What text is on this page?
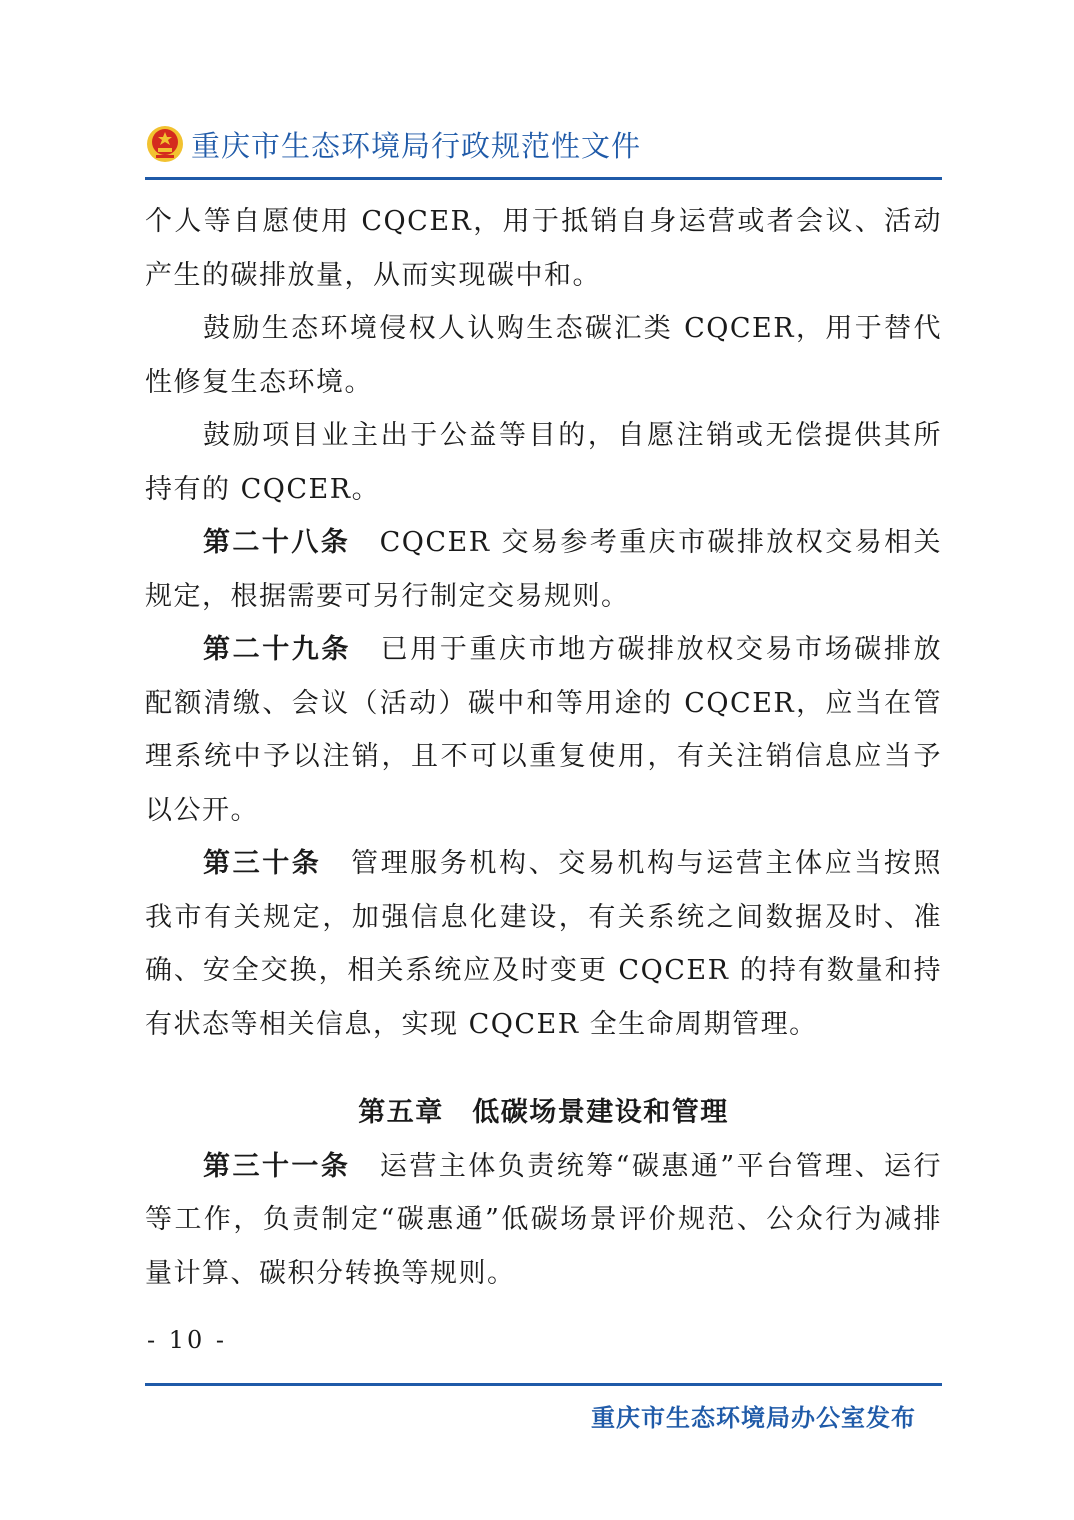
重庆市生态环境局行政规范性文件

个人等自愿使用 CQCER，用于抵销自身运营或者会议、活动产生的碳排放量，从而实现碳中和。

鼓励生态环境侵权人认购生态碳汇类 CQCER，用于替代性修复生态环境。

鼓励项目业主出于公益等目的，自愿注销或无偿提供其所持有的 CQCER。

第二十八条　 CQCER 交易参考重庆市碳排放权交易相关规定，根据需要可另行制定交易规则。

第二十九条　 已用于重庆市地方碳排放权交易市场碳排放配额清缴、会议（活动）碳中和等用途的 CQCER，应当在管理系统中予以注销，且不可以重复使用，有关注销信息应当予以公开。

第三十条　 管理服务机构、交易机构与运营主体应当按照我市有关规定，加强信息化建设，有关系统之间数据及时、准确、安全交换，相关系统应及时变更 CQCER 的持有数量和持有状态等相关信息，实现 CQCER 全生命周期管理。

第五章　低碳场景建设和管理

第三十一条　 运营主体负责统筹“碳惠通”平台管理、运行等工作，负责制定“碳惠通”低碳场景评价规范、公众行为减排量计算、碳积分转换等规则。

- 10 -
重庆市生态环境局办公室发布
